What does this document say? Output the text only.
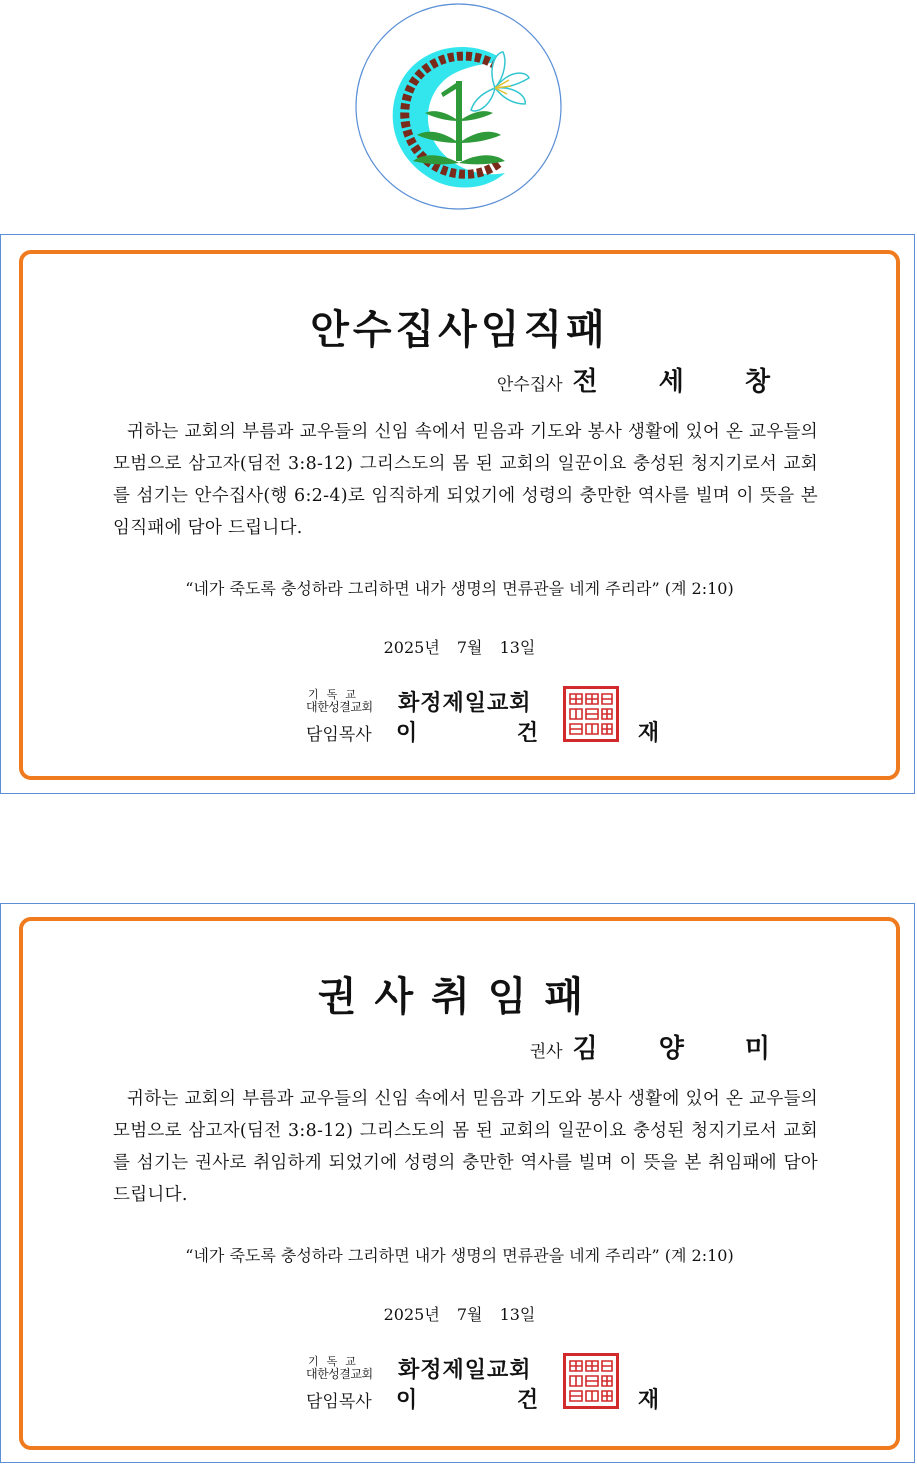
안수집사임직패
안수집사 전 세 창
귀하는 교회의 부름과 교우들의 신임 속에서 믿음과 기도와 봉사 생활에 있어 온 교우들의 모범으로 삼고자(딤전 3:8-12) 그리스도의 몸 된 교회의 일꾼이요 충성된 청지기로서 교회를 섬기는 안수집사(행 6:2-4)로 임직하게 되었기에 성령의 충만한 역사를 빌며 이 뜻을 본 임직패에 담아 드립니다.
“네가 죽도록 충성하라 그리하면 내가 생명의 면류관을 네게 주리라” (계 2:10)
2025년 7월 13일
기독교
대한성결교회 화정제일교회
담임목사 이 건 재
권사취임패
권사 김 양 미
귀하는 교회의 부름과 교우들의 신임 속에서 믿음과 기도와 봉사 생활에 있어 온 교우들의 모범으로 삼고자(딤전 3:8-12) 그리스도의 몸 된 교회의 일꾼이요 충성된 청지기로서 교회를 섬기는 권사로 취임하게 되었기에 성령의 충만한 역사를 빌며 이 뜻을 본 취임패에 담아 드립니다.
“네가 죽도록 충성하라 그리하면 내가 생명의 면류관을 네게 주리라” (계 2:10)
2025년 7월 13일
기독교
대한성결교회 화정제일교회
담임목사 이 건 재
